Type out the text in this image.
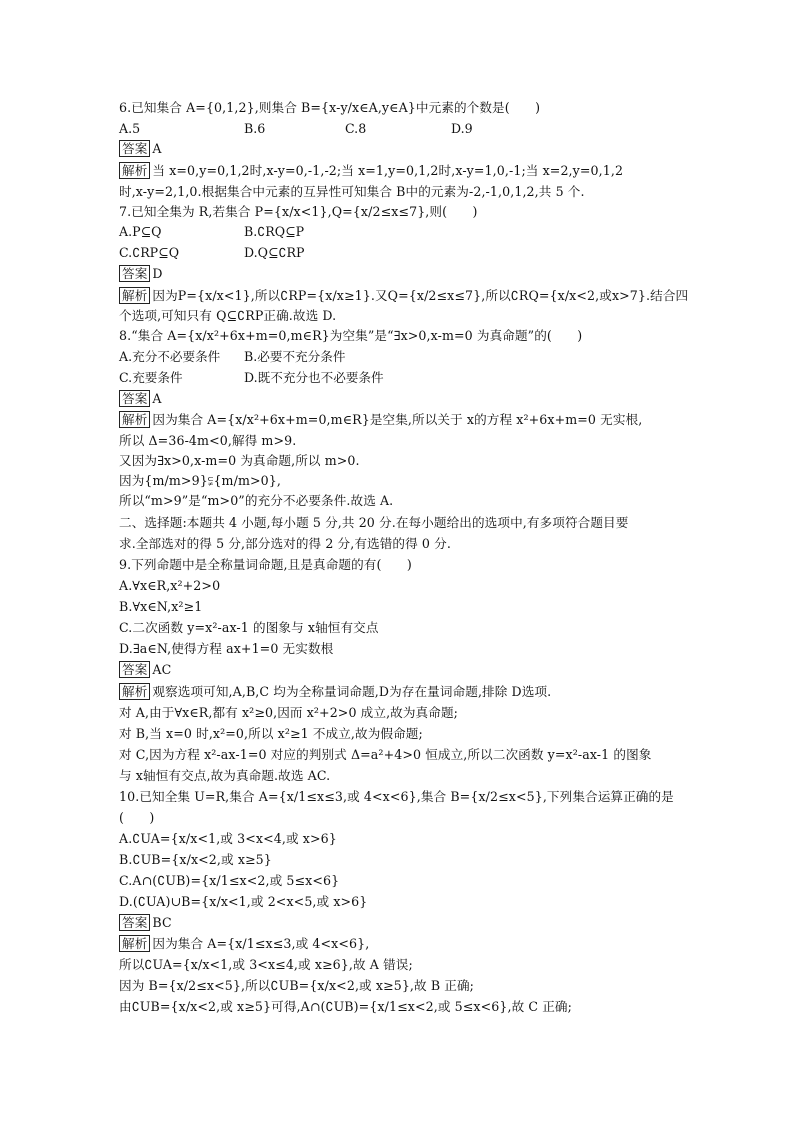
6.已知集合 A={0,1,2},则集合 B={x-y/x∈A,y∈A}中元素的个数是(　　)
A.5	B.6	C.8	D.9
答案 A
解析 当 x=0,y=0,1,2时,x-y=0,-1,-2;当 x=1,y=0,1,2时,x-y=1,0,-1;当 x=2,y=0,1,2
时,x-y=2,1,0.根据集合中元素的互异性可知集合 B中的元素为-2,-1,0,1,2,共 5 个.
7.已知全集为 R,若集合 P={x/x<1},Q={x/2≤x≤7},则(　　)
A.P⊆Q	B.∁RQ⊆P
C.∁RP⊆Q	D.Q⊆∁RP
答案 D
解析 因为P={x/x<1},所以∁RP={x/x≥1}.又Q={x/2≤x≤7},所以∁RQ={x/x<2,或x>7}.结合四
个选项,可知只有 Q⊆∁RP正确.故选 D.
8.“集合 A={x/x²+6x+m=0,m∈R}为空集”是“∃x>0,x-m=0 为真命题”的(　　)
A.充分不必要条件 B.必要不充分条件
C.充要条件	D.既不充分也不必要条件
答案 A
解析 因为集合 A={x/x²+6x+m=0,m∈R}是空集,所以关于 x的方程 x²+6x+m=0 无实根,
所以 Δ=36-4m<0,解得 m>9.
又因为∃x>0,x-m=0 为真命题,所以 m>0.
因为{m/m>9}⫋{m/m>0},
所以“m>9”是“m>0”的充分不必要条件.故选 A.
二、选择题:本题共 4 小题,每小题 5 分,共 20 分.在每小题给出的选项中,有多项符合题目要
求.全部选对的得 5 分,部分选对的得 2 分,有选错的得 0 分.
9.下列命题中是全称量词命题,且是真命题的有(　　)
A.∀x∈R,x²+2>0
B.∀x∈N,x²≥1
C.二次函数 y=x²-ax-1 的图象与 x轴恒有交点
D.∃a∈N,使得方程 ax+1=0 无实数根
答案 AC
解析 观察选项可知,A,B,C 均为全称量词命题,D为存在量词命题,排除 D选项.
对 A,由于∀x∈R,都有 x²≥0,因而 x²+2>0 成立,故为真命题;
对 B,当 x=0 时,x²=0,所以 x²≥1 不成立,故为假命题;
对 C,因为方程 x²-ax-1=0 对应的判别式 Δ=a²+4>0 恒成立,所以二次函数 y=x²-ax-1 的图象
与 x轴恒有交点,故为真命题.故选 AC.
10.已知全集 U=R,集合 A={x/1≤x≤3,或 4<x<6},集合 B={x/2≤x<5},下列集合运算正确的是
(　　)
A.∁UA={x/x<1,或 3<x<4,或 x>6}
B.∁UB={x/x<2,或 x≥5}
C.A∩(∁UB)={x/1≤x<2,或 5≤x<6}
D.(∁UA)∪B={x/x<1,或 2<x<5,或 x>6}
答案 BC
解析 因为集合 A={x/1≤x≤3,或 4<x<6},
所以∁UA={x/x<1,或 3<x≤4,或 x≥6},故 A 错误;
因为 B={x/2≤x<5},所以∁UB={x/x<2,或 x≥5},故 B 正确;
由∁UB={x/x<2,或 x≥5}可得,A∩(∁UB)={x/1≤x<2,或 5≤x<6},故 C 正确;
